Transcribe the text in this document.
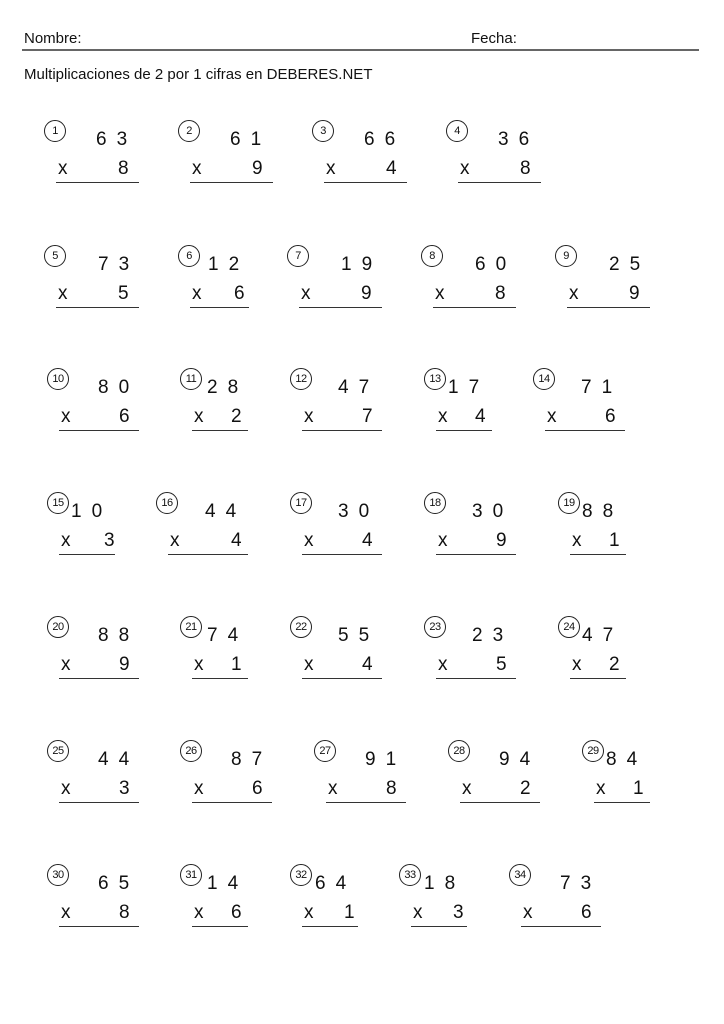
Nombre:	Fecha:
Multiplicaciones de 2 por 1 cifras en DEBERES.NET
1	63
x	8
2	61
x	9
3	66
x	4
4	36
x	8
5	73
x	5
6 12
x 6
7	19
x	9
8	60
x	8
9	25
x	9
10 80
x	6
11 28
x 2
12 47
x	7
13 17
x 4
14 71
x	6
15 10
x 3
16 44
x	4
17 30
x	4
18 30
x	9
19 88
x 1
20 88
x	9
21 74
x 1
22 55
x	4
23 23
x	5
24 47
x 2
25 44
x	3
26 87
x	6
27 91
x	8
28 94
x	2
29 84
x 1
30 65
x	8
31 14
x 6
32 64
x 1
33 18
x 3
34 73
x	6
